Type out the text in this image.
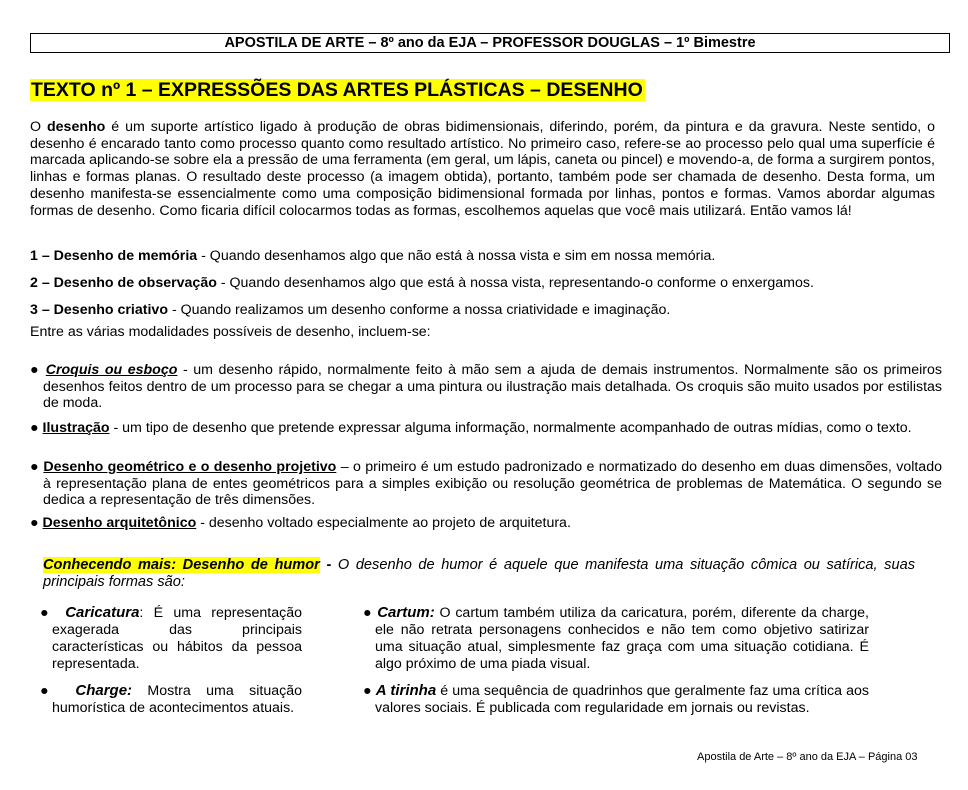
APOSTILA DE ARTE – 8º ano da EJA – PROFESSOR DOUGLAS – 1º Bimestre
TEXTO nº 1 – EXPRESSÕES DAS ARTES PLÁSTICAS – DESENHO
O desenho é um suporte artístico ligado à produção de obras bidimensionais, diferindo, porém, da pintura e da gravura. Neste sentido, o desenho é encarado tanto como processo quanto como resultado artístico. No primeiro caso, refere-se ao processo pelo qual uma superfície é marcada aplicando-se sobre ela a pressão de uma ferramenta (em geral, um lápis, caneta ou pincel) e movendo-a, de forma a surgirem pontos, linhas e formas planas. O resultado deste processo (a imagem obtida), portanto, também pode ser chamada de desenho. Desta forma, um desenho manifesta-se essencialmente como uma composição bidimensional formada por linhas, pontos e formas. Vamos abordar algumas formas de desenho. Como ficaria difícil colocarmos todas as formas, escolhemos aquelas que você mais utilizará. Então vamos lá!
1 – Desenho de memória - Quando desenhamos algo que não está à nossa vista e sim em nossa memória.
2 – Desenho de observação - Quando desenhamos algo que está à nossa vista, representando-o conforme o enxergamos.
3 – Desenho criativo - Quando realizamos um desenho conforme a nossa criatividade e imaginação.
Entre as várias modalidades possíveis de desenho, incluem-se:
● Croquis ou esboço - um desenho rápido, normalmente feito à mão sem a ajuda de demais instrumentos. Normalmente são os primeiros desenhos feitos dentro de um processo para se chegar a uma pintura ou ilustração mais detalhada. Os croquis são muito usados por estilistas de moda.
● Ilustração - um tipo de desenho que pretende expressar alguma informação, normalmente acompanhado de outras mídias, como o texto.
● Desenho geométrico e o desenho projetivo – o primeiro é um estudo padronizado e normatizado do desenho em duas dimensões, voltado à representação plana de entes geométricos para a simples exibição ou resolução geométrica de problemas de Matemática. O segundo se dedica a representação de três dimensões.
● Desenho arquitetônico - desenho voltado especialmente ao projeto de arquitetura.
Conhecendo mais: Desenho de humor - O desenho de humor é aquele que manifesta uma situação cômica ou satírica, suas principais formas são:
● Caricatura: É uma representação exagerada das principais características ou hábitos da pessoa representada.
● Charge: Mostra uma situação humorística de acontecimentos atuais.
● Cartum: O cartum também utiliza da caricatura, porém, diferente da charge, ele não retrata personagens conhecidos e não tem como objetivo satirizar uma situação atual, simplesmente faz graça com uma situação cotidiana. É algo próximo de uma piada visual.
● A tirinha é uma sequência de quadrinhos que geralmente faz uma crítica aos valores sociais. É publicada com regularidade em jornais ou revistas.
Apostila de Arte – 8º ano da EJA – Página 03
